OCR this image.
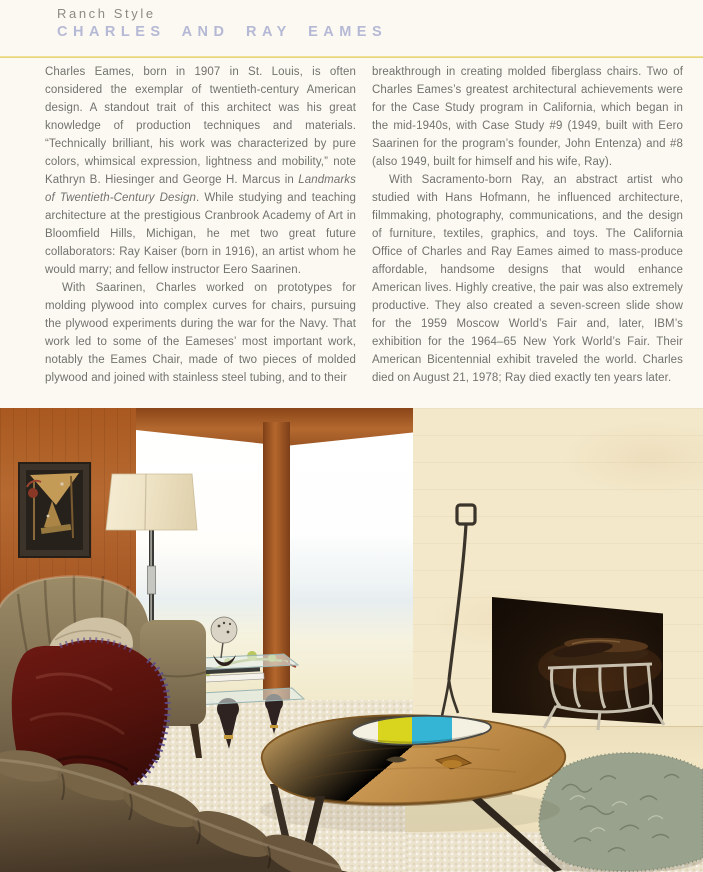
Ranch Style
CHARLES AND RAY EAMES

Charles Eames, born in 1907 in St. Louis, is often considered the exemplar of twentieth-century American design. A standout trait of this architect was his great knowledge of production techniques and materials. “Technically brilliant, his work was characterized by pure colors, whimsical expression, lightness and mobility,” note Kathryn B. Hiesinger and George H. Marcus in Landmarks of Twentieth-Century Design. While studying and teaching architecture at the prestigious Cranbrook Academy of Art in Bloomfield Hills, Michigan, he met two great future collaborators: Ray Kaiser (born in 1916), an artist whom he would marry; and fellow instructor Eero Saarinen.

With Saarinen, Charles worked on prototypes for molding plywood into complex curves for chairs, pursuing the plywood experiments during the war for the Navy. That work led to some of the Eameses’ most important work, notably the Eames Chair, made of two pieces of molded plywood and joined with stainless steel tubing, and to their

breakthrough in creating molded fiberglass chairs. Two of Charles Eames’s greatest architectural achievements were for the Case Study program in California, which began in the mid-1940s, with Case Study #9 (1949, built with Eero Saarinen for the program’s founder, John Entenza) and #8 (also 1949, built for himself and his wife, Ray).

With Sacramento-born Ray, an abstract artist who studied with Hans Hofmann, he influenced architecture, filmmaking, photography, communications, and the design of furniture, textiles, graphics, and toys. The California Office of Charles and Ray Eames aimed to mass-produce affordable, handsome designs that would enhance American lives. Highly creative, the pair was also extremely productive. They also created a seven-screen slide show for the 1959 Moscow World’s Fair and, later, IBM’s exhibition for the 1964–65 New York World’s Fair. Their American Bicentennial exhibit traveled the world. Charles died on August 21, 1978; Ray died exactly ten years later.
